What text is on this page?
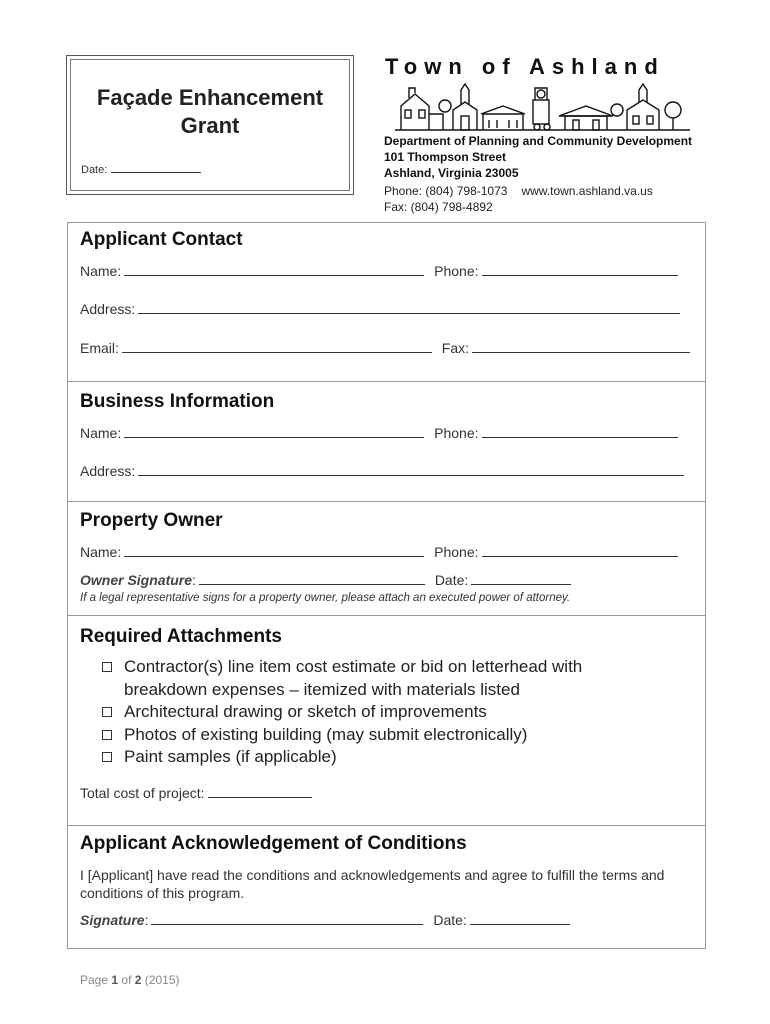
Façade Enhancement
Grant
Date:
Town of Ashland
Department of Planning and Community Development
101 Thompson Street
Ashland, Virginia 23005
Phone: (804) 798-1073 www.town.ashland.va.us
Fax: (804) 798-4892
Applicant Contact
Name:	Phone:
Address:
Email:	Fax:
Business Information
Name:	Phone:
Address:
Property Owner
Name:	Phone:
Owner Signature:	Date:
If a legal representative signs for a property owner, please attach an executed power of attorney.
Required Attachments
Contractor(s) line item cost estimate or bid on letterhead with breakdown expenses – itemized with materials listed
Architectural drawing or sketch of improvements
Photos of existing building (may submit electronically)
Paint samples (if applicable)
Total cost of project:
Applicant Acknowledgement of Conditions
I [Applicant] have read the conditions and acknowledgements and agree to fulfill the terms and conditions of this program.
Signature:	Date:
Page 1 of 2 (2015)
